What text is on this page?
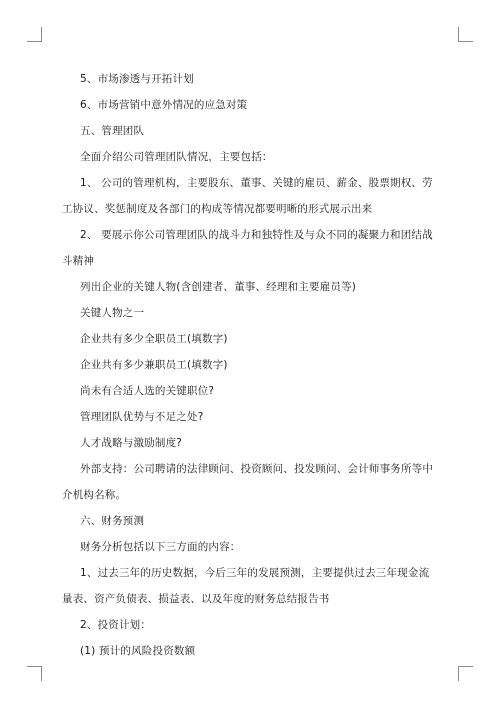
5、市场渗透与开拓计划

6、市场营销中意外情况的应急对策

五、管理团队

全面介绍公司管理团队情况，主要包括：

1、 公司的管理机构，主要股东、董事、关键的雇员、薪金、股票期权、劳工协议、奖惩制度及各部门的构成等情况都要明晰的形式展示出来

2、 要展示你公司管理团队的战斗力和独特性及与众不同的凝聚力和团结战斗精神

列出企业的关键人物(含创建者、董事、经理和主要雇员等)

关键人物之一

企业共有多少全职员工(填数字)

企业共有多少兼职员工(填数字)

尚未有合适人选的关键职位?

管理团队优势与不足之处?

人才战略与激励制度?

外部支持：公司聘请的法律顾问、投资顾问、投发顾问、会计师事务所等中介机构名称。

六、财务预测

财务分析包括以下三方面的内容：

1、过去三年的历史数据，今后三年的发展预测，主要提供过去三年现金流量表、资产负债表、损益表、以及年度的财务总结报告书

2、投资计划：

(1) 预计的风险投资数额
